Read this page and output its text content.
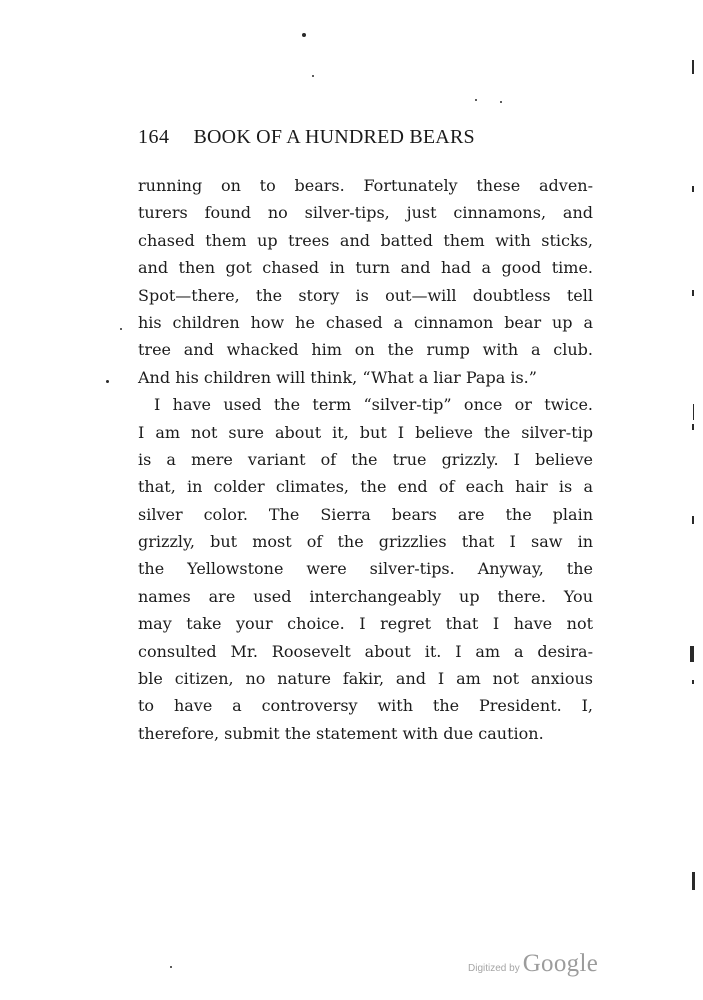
164 BOOK OF A HUNDRED BEARS
running on to bears. Fortunately these adven-
turers found no silver-tips, just cinnamons, and
chased them up trees and batted them with sticks,
and then got chased in turn and had a good time.
Spot—there, the story is out—will doubtless tell
his children how he chased a cinnamon bear up a
tree and whacked him on the rump with a club.
And his children will think, “What a liar Papa is.”
 I have used the term “silver-tip” once or twice.
I am not sure about it, but I believe the silver-tip
is a mere variant of the true grizzly. I believe
that, in colder climates, the end of each hair is a
silver color. The Sierra bears are the plain
grizzly, but most of the grizzlies that I saw in
the Yellowstone were silver-tips. Anyway, the
names are used interchangeably up there. You
may take your choice. I regret that I have not
consulted Mr. Roosevelt about it. I am a desira-
ble citizen, no nature fakir, and I am not anxious
to have a controversy with the President. I,
therefore, submit the statement with due caution.
Digitized by Google
